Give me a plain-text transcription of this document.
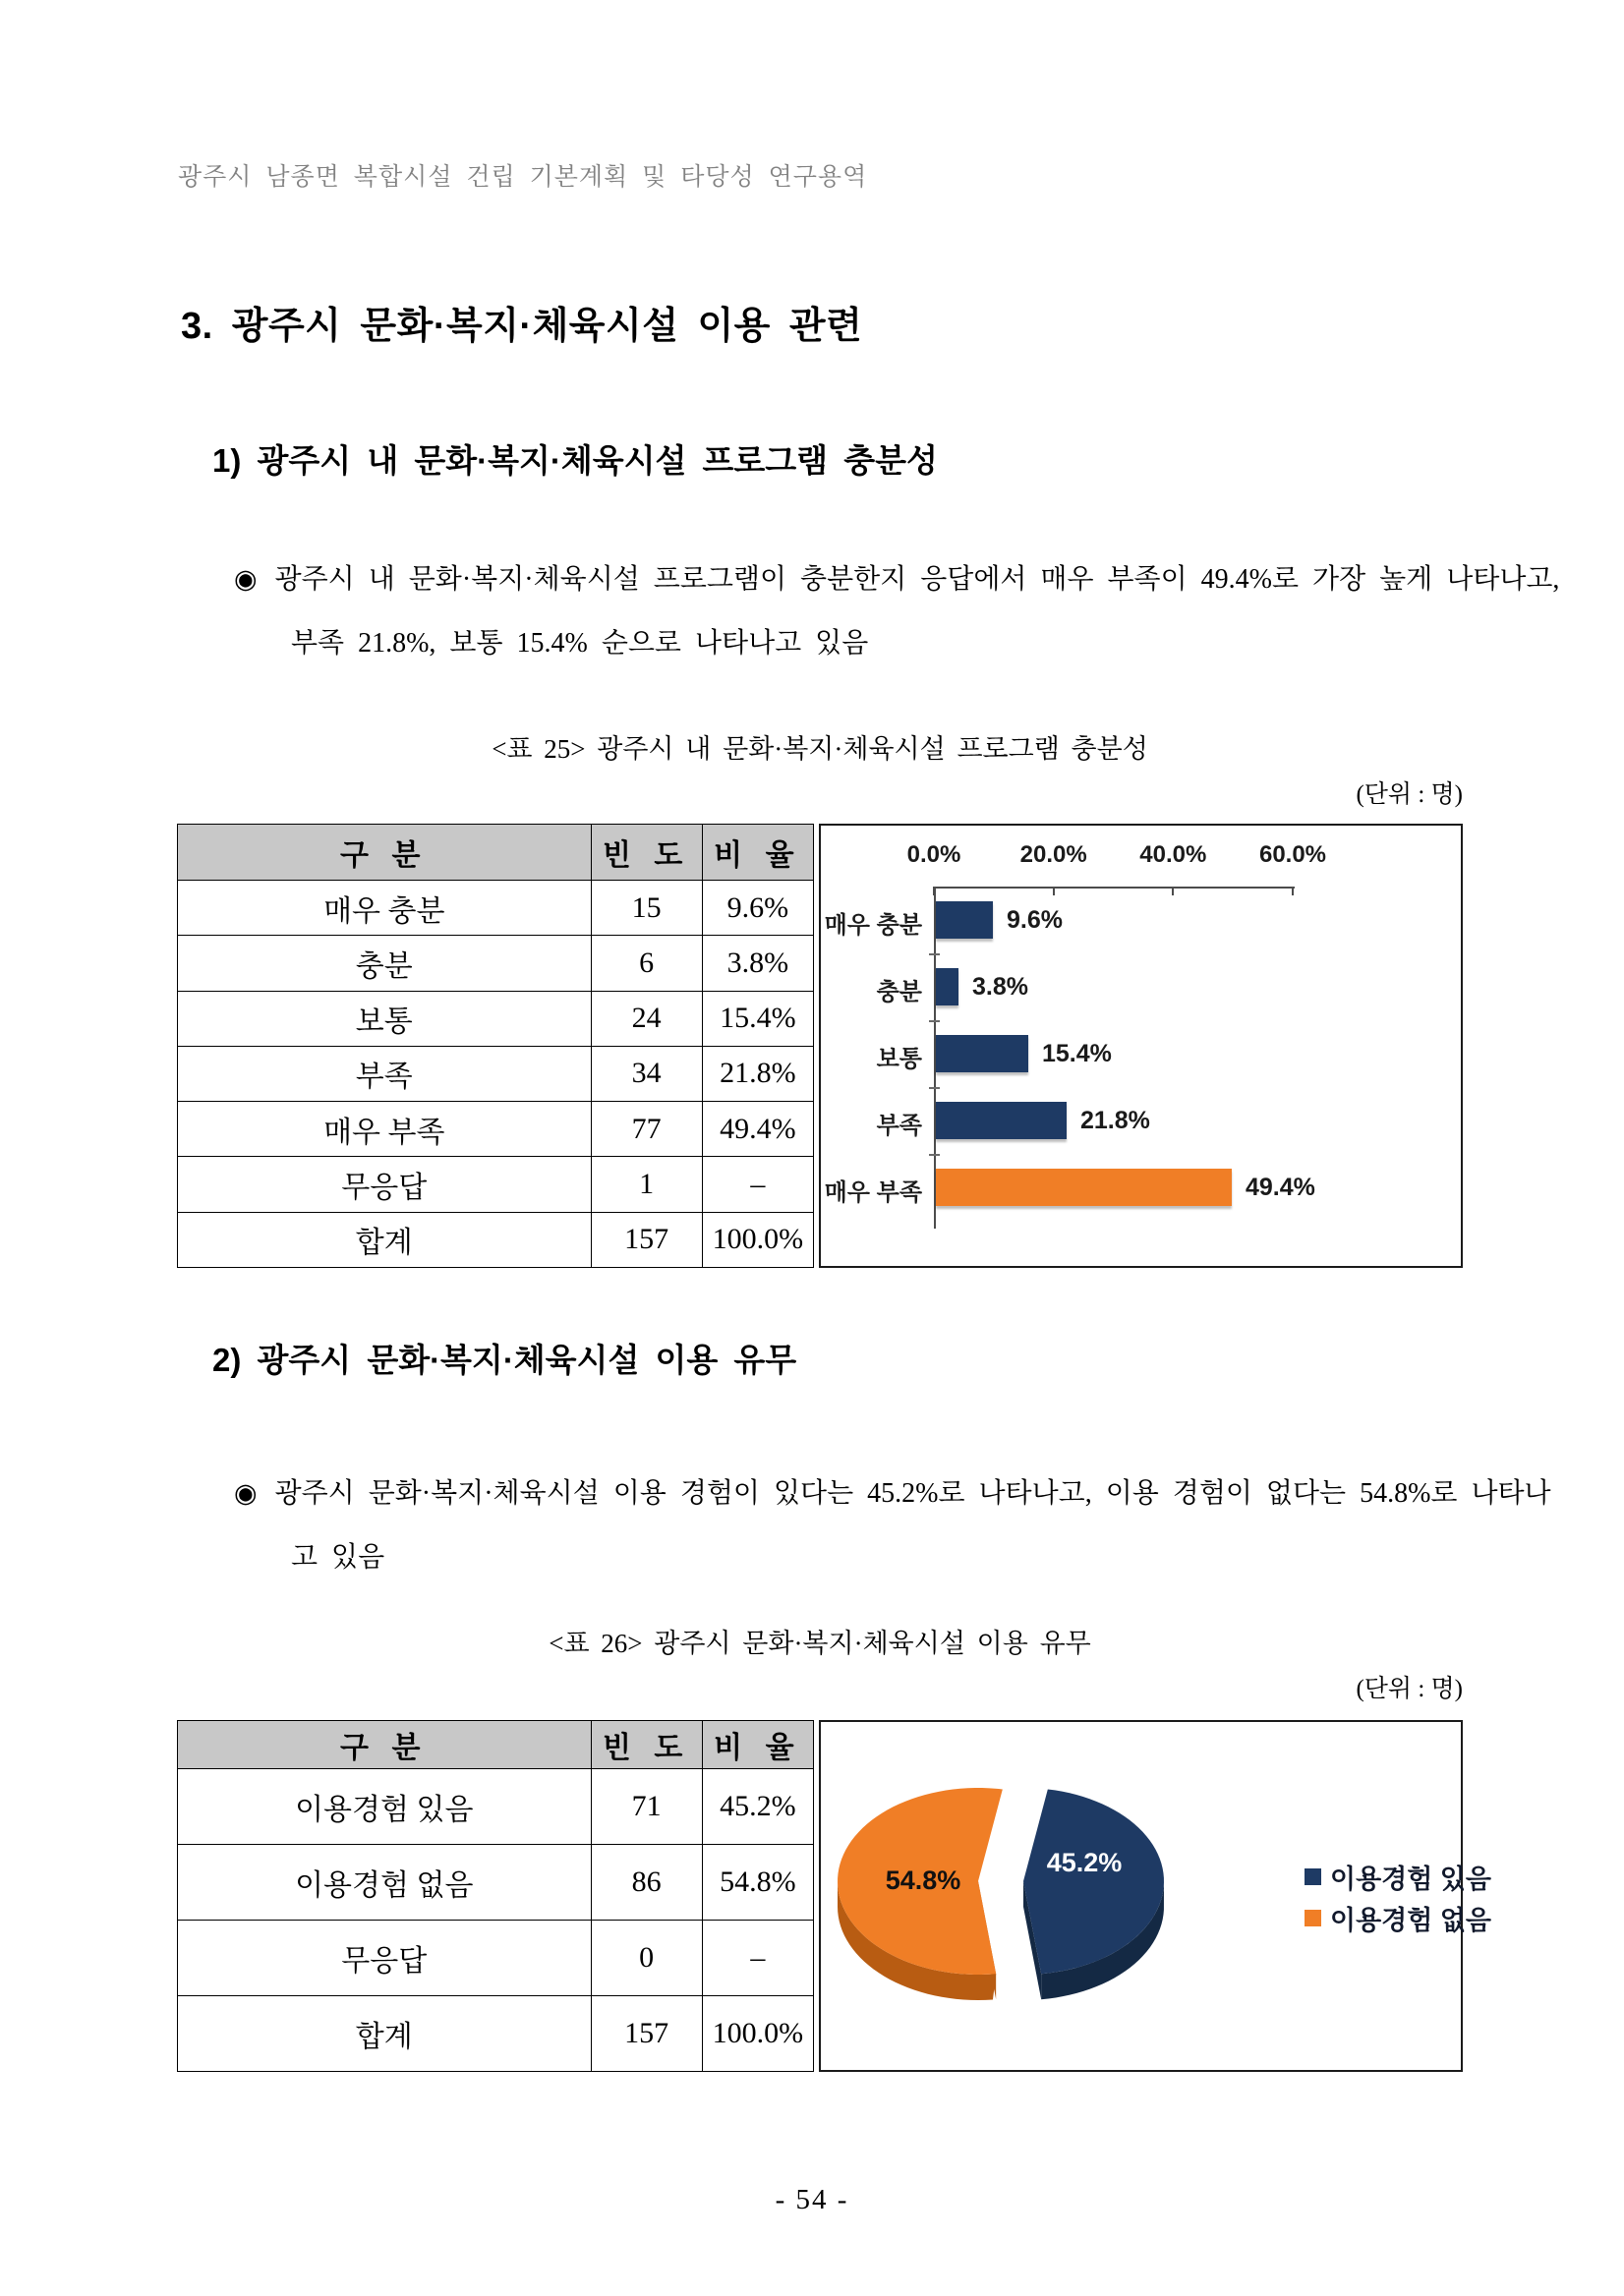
광주시 남종면 복합시설 건립 기본계획 및 타당성 연구용역
3. 광주시 문화·복지·체육시설 이용 관련
1) 광주시 내 문화·복지·체육시설 프로그램 충분성
◉ 광주시 내 문화·복지·체육시설 프로그램이 충분한지 응답에서 매우 부족이 49.4%로 가장 높게 나타나고, 부족 21.8%, 보통 15.4% 순으로 나타나고 있음
<표 25> 광주시 내 문화·복지·체육시설 프로그램 충분성
(단위 : 명)
구 분	빈 도	비 율
매우 충분	15	9.6%
충분	6	3.8%
보통	24	15.4%
부족	34	21.8%
매우 부족	77	49.4%
무응답	1	–
합계	157	100.0%
0.0%	20.0% 40.0% 60.0%
매우 충분	9.6%
충분 3.8%
보통	15.4%
부족	21.8%
매우 부족	49.4%
2) 광주시 문화·복지·체육시설 이용 유무
◉ 광주시 문화·복지·체육시설 이용 경험이 있다는 45.2%로 나타나고, 이용 경험이 없다는 54.8%로 나타나고 있음
<표 26> 광주시 문화·복지·체육시설 이용 유무
(단위 : 명)
구 분	빈 도	비 율
이용경험 있음	71	45.2%
이용경험 없음	86	54.8%
무응답	0	–
합계	157	100.0%
45.2%
54.8%	이용경험 있음
이용경험 없음
- 54 -
